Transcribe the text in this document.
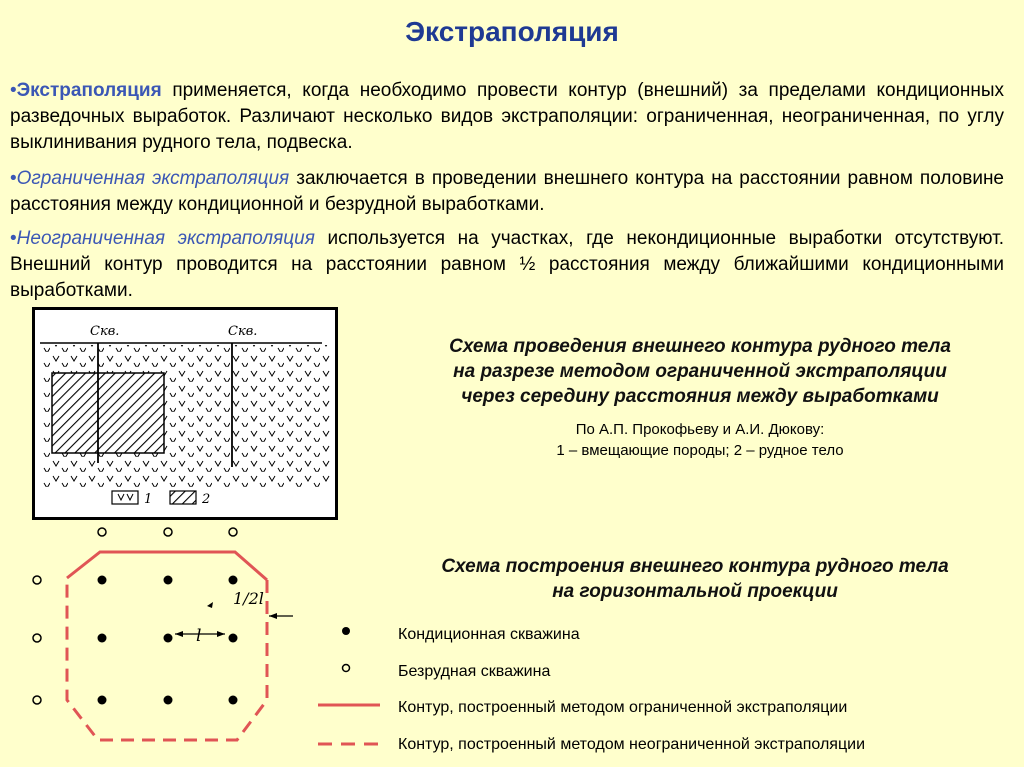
Экстраполяция
•Экстраполяция применяется, когда необходимо провести контур (внешний) за пределами кондиционных разведочных выработок. Различают несколько видов экстраполяции: ограниченная, неограниченная, по углу выклинивания рудного тела, подвеска.
•Ограниченная экстраполяция заключается в проведении внешнего контура на расстоянии равном половине расстояния между кондиционной и безрудной выработками.
•Неограниченная экстраполяция используется на участках, где некондиционные выработки отсутствуют. Внешний контур проводится на расстоянии равном ½ расстояния между ближайшими кондиционными выработками.
Скв.	Скв.
1	2
Схема проведения внешнего контура рудного тела
на разрезе методом ограниченной экстраполяции
через середину расстояния между выработками
По А.П. Прокофьеву и А.И. Дюкову:
1 – вмещающие породы; 2 – рудное тело
l
1/2l
Схема построения внешнего контура рудного тела
на горизонтальной проекции
Кондиционная скважина
Безрудная скважина
Контур, построенный методом ограниченной экстраполяции
Контур, построенный методом неограниченной экстраполяции
